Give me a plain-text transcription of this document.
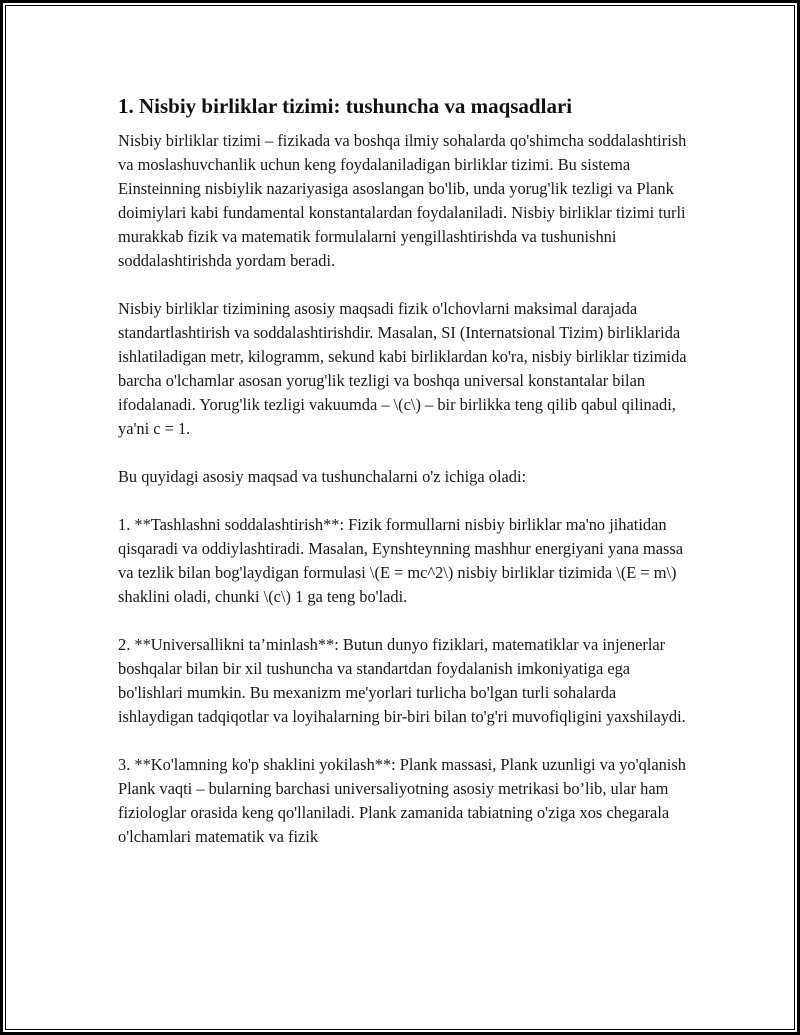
1. Nisbiy birliklar tizimi: tushuncha va maqsadlari

Nisbiy birliklar tizimi – fizikada va boshqa ilmiy sohalarda qo'shimcha soddalashtirish va moslashuvchanlik uchun keng foydalaniladigan birliklar tizimi. Bu sistema Einsteinning nisbiylik nazariyasiga asoslangan bo'lib, unda yorug'lik tezligi va Plank doimiylari kabi fundamental konstantalardan foydalaniladi. Nisbiy birliklar tizimi turli murakkab fizik va matematik formulalarni yengillashtirishda va tushunishni soddalashtirishda yordam beradi.

Nisbiy birliklar tizimining asosiy maqsadi fizik o'lchovlarni maksimal darajada standartlashtirish va soddalashtirishdir. Masalan, SI (Internatsional Tizim) birliklarida ishlatiladigan metr, kilogramm, sekund kabi birliklardan ko'ra, nisbiy birliklar tizimida barcha o'lchamlar asosan yorug'lik tezligi va boshqa universal konstantalar bilan ifodalanadi. Yorug'lik tezligi vakuumda – \(c\) – bir birlikka teng qilib qabul qilinadi, ya'ni c = 1.

Bu quyidagi asosiy maqsad va tushunchalarni o'z ichiga oladi:

1. **Tashlashni soddalashtirish**: Fizik formullarni nisbiy birliklar ma'no jihatidan qisqaradi va oddiylashtiradi. Masalan, Eynshteynning mashhur energiyani yana massa va tezlik bilan bog'laydigan formulasi \(E = mc^2\) nisbiy birliklar tizimida \(E = m\) shaklini oladi, chunki \(c\) 1 ga teng bo'ladi.

2. **Universallikni ta’minlash**: Butun dunyo fiziklari, matematiklar va injenerlar boshqalar bilan bir xil tushuncha va standartdan foydalanish imkoniyatiga ega bo'lishlari mumkin. Bu mexanizm me'yorlari turlicha bo'lgan turli sohalarda ishlaydigan tadqiqotlar va loyihalarning bir-biri bilan to'g'ri muvofiqligini yaxshilaydi.

3. **Ko'lamning ko'p shaklini yokilash**: Plank massasi, Plank uzunligi va yo'qlanish Plank vaqti – bularning barchasi universaliyotning asosiy metrikasi bo’lib, ular ham fiziologlar orasida keng qo'llaniladi. Plank zamanida tabiatning o'ziga xos chegarala o'lchamlari matematik va fizik
